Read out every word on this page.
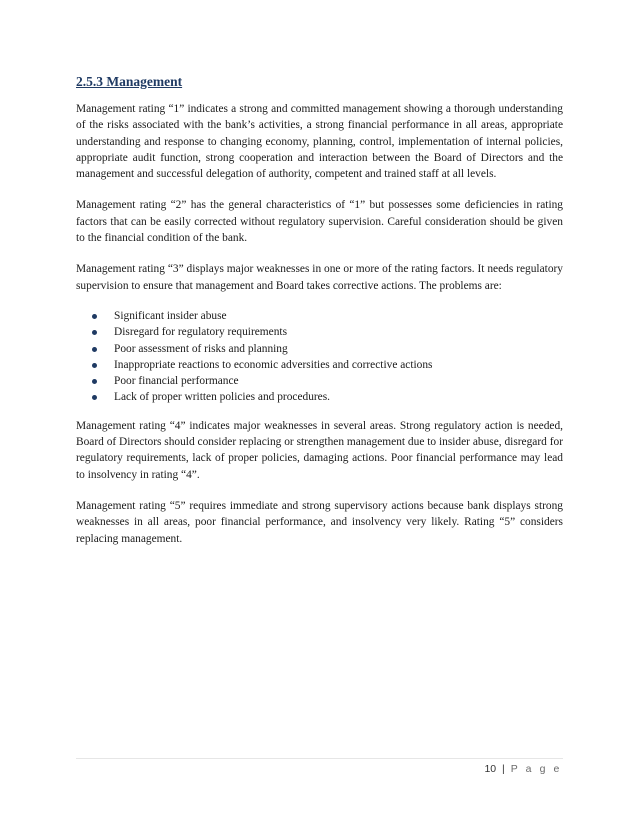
2.5.3 Management

Management rating “1” indicates a strong and committed management showing a thorough understanding of the risks associated with the bank’s activities, a strong financial performance in all areas, appropriate understanding and response to changing economy, planning, control, implementation of internal policies, appropriate audit function, strong cooperation and interaction between the Board of Directors and the management and successful delegation of authority, competent and trained staff at all levels.

Management rating “2” has the general characteristics of “1” but possesses some deficiencies in rating factors that can be easily corrected without regulatory supervision. Careful consideration should be given to the financial condition of the bank.

Management rating “3” displays major weaknesses in one or more of the rating factors. It needs regulatory supervision to ensure that management and Board takes corrective actions. The problems are:

Significant insider abuse
Disregard for regulatory requirements
Poor assessment of risks and planning
Inappropriate reactions to economic adversities and corrective actions
Poor financial performance
Lack of proper written policies and procedures.

Management rating “4” indicates major weaknesses in several areas. Strong regulatory action is needed, Board of Directors should consider replacing or strengthen management due to insider abuse, disregard for regulatory requirements, lack of proper policies, damaging actions. Poor financial performance may lead to insolvency in rating “4”.

Management rating “5” requires immediate and strong supervisory actions because bank displays strong weaknesses in all areas, poor financial performance, and insolvency very likely. Rating “5” considers replacing management.

10 | P a g e
